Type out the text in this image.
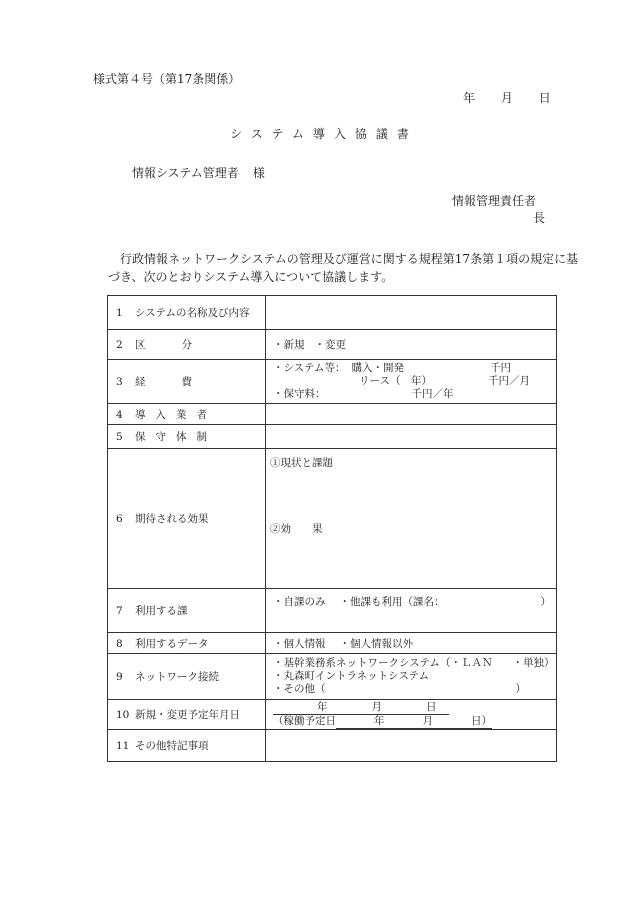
様式第４号（第17条関係）
年 月 日
システム導入協議書
情報システム管理者 様
情報管理責任者
長
行政情報ネットワークシステムの管理及び運営に関する規程第17条第１項の規定に基
づき、次のとおりシステム導入について協議します。
1 システムの名称及び内容	
2 区分	・新規 ・変更
3 経費	・システム等： 購入・開発 千円
リース（　年） 千円／月
・保守料： 千円／年

4 導入業者	
5 保守体制	
6 期待される効果	①現状と課題
②効　　果

7 利用する課	・自課のみ ・他課も利用（課名： ）
8 利用するデータ	・個人情報 ・個人情報以外
9 ネットワーク接続	・基幹業務系ネットワークシステム（・ＬＡＮ ・単独）
・丸森町イントラネットシステム
・その他（ ）

10 新規・変更予定年月日	年 月 日
（稼働予定日 年 月 日）

11 その他特記事項	
